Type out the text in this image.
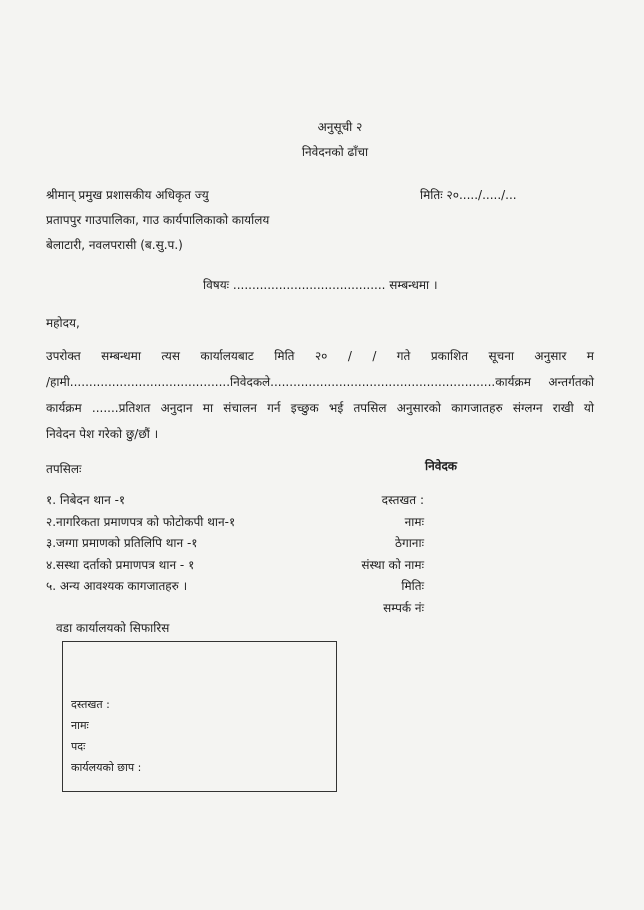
अनुसूची २
निवेदनको ढाँचा
श्रीमान् प्रमुख प्रशासकीय अधिकृत ज्यु
प्रतापपुर गाउपालिका, गाउ कार्यपालिकाको कार्यालय
बेलाटारी, नवलपरासी (ब.सु.प.)
मितिः २०...../...../...
विषयः ........................................ सम्बन्धमा ।
महोदय,
उपरोक्त सम्बन्धमा त्यस कार्यालयबाट मिति २० / / गते प्रकाशित सूचना अनुसार म
/हामी..........................................निवेदकले...........................................................कार्यक्रम अन्तर्गतको
कार्यक्रम .......प्रतिशत अनुदान मा संचालन गर्न इच्छुक भई तपसिल अनुसारको कागजातहरु संग्लग्न राखी यो
निवेदन पेश गरेको छु/छौं ।
तपसिलः	निवेदक
१. निबेदन थान -१
२.नागरिकता प्रमाणपत्र को फोटोकपी थान-१
३.जग्गा प्रमाणको प्रतिलिपि थान -१
४.सस्था दर्ताको प्रमाणपत्र थान - १
५. अन्य आवश्यक कागजातहरु ।
दस्तखत :
नामः
ठेगानाः
संस्था को नामः
मितिः
सम्पर्क नंः
वडा कार्यालयको सिफारिस
दस्तखत :
नामः
पदः
कार्यलयको छाप :
